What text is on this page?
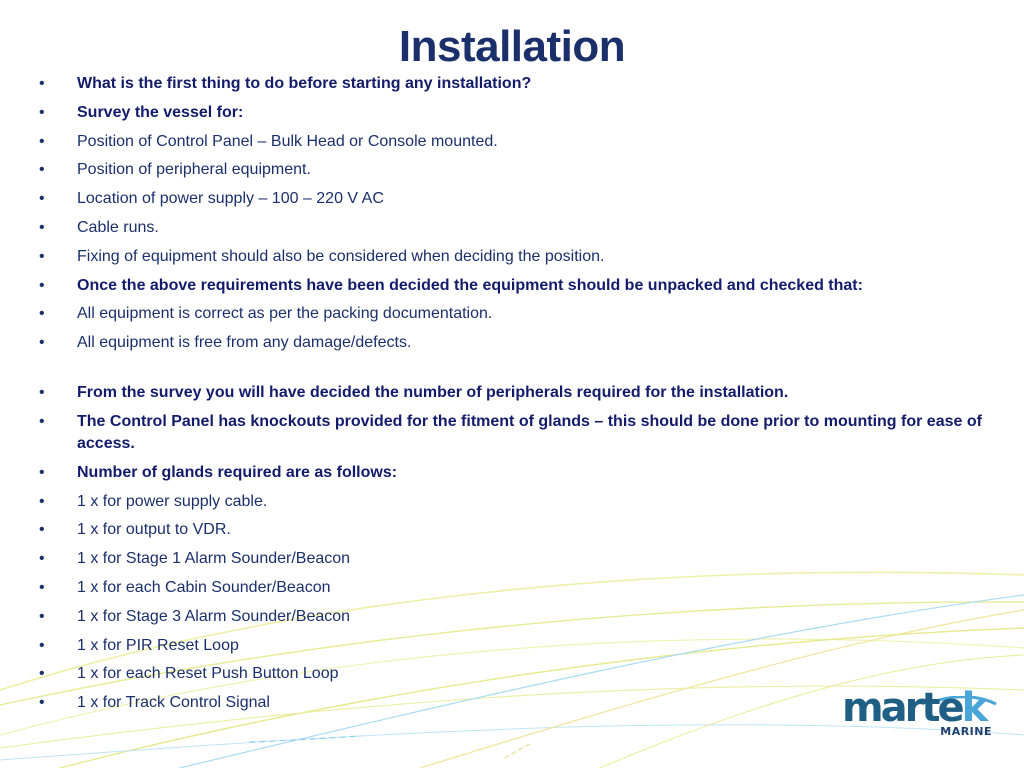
Installation
•	What is the first thing to do before starting any installation?
•	Survey the vessel for:
•	Position of Control Panel – Bulk Head or Console mounted.
•	Position of peripheral equipment.
•	Location of power supply – 100 – 220 V AC
•	Cable runs.
•	Fixing of equipment should also be considered when deciding the position.
•	Once the above requirements have been decided the equipment should be unpacked and checked that:
•	All equipment is correct as per the packing documentation.
•	All equipment is free from any damage/defects.
•	From the survey you will have decided the number of peripherals required for the installation.
•	The Control Panel has knockouts provided for the fitment of glands – this should be done prior to mounting for ease of access.
•	Number of glands required are as follows:
•	1 x for power supply cable.
•	1 x for output to VDR.
•	1 x for Stage 1 Alarm Sounder/Beacon
•	1 x for each Cabin Sounder/Beacon
•	1 x for Stage 3 Alarm Sounder/Beacon
•	1 x for PIR Reset Loop
•	1 x for each Reset Push Button Loop
•	1 x for Track Control Signal	martek
MARINE
